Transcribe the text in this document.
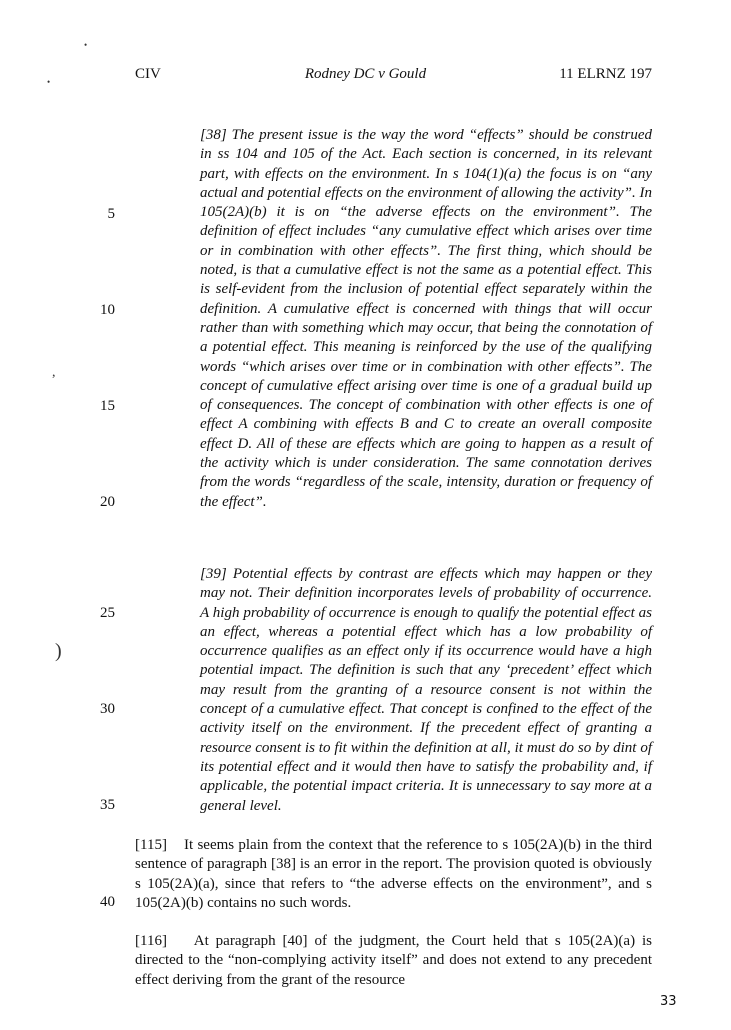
CIV	Rodney DC v Gould	11 ELRNZ 197
•
•
,
)
5
10
15
20
25
30
35
40

[38] The present issue is the way the word “effects” should be construed in ss 104 and 105 of the Act. Each section is concerned, in its relevant part, with effects on the environment. In s 104(1)(a) the focus is on “any actual and potential effects on the environment of allowing the activity”. In 105(2A)(b) it is on “the adverse effects on the environment”. The definition of effect includes “any cumulative effect which arises over time or in combination with other effects”. The first thing, which should be noted, is that a cumulative effect is not the same as a potential effect. This is self-evident from the inclusion of potential effect separately within the definition. A cumulative effect is concerned with things that will occur rather than with something which may occur, that being the connotation of a potential effect. This meaning is reinforced by the use of the qualifying words “which arises over time or in combination with other effects”. The concept of cumulative effect arising over time is one of a gradual build up of consequences. The concept of combination with other effects is one of effect A combining with effects B and C to create an overall composite effect D. All of these are effects which are going to happen as a result of the activity which is under consideration. The same connotation derives from the words “regardless of the scale, intensity, duration or frequency of the effect”.

[39] Potential effects by contrast are effects which may happen or they may not. Their definition incorporates levels of probability of occurrence. A high probability of occurrence is enough to qualify the potential effect as an effect, whereas a potential effect which has a low probability of occurrence qualifies as an effect only if its occurrence would have a high potential impact. The definition is such that any ‘precedent’ effect which may result from the granting of a resource consent is not within the concept of a cumulative effect. That concept is confined to the effect of the activity itself on the environment. If the precedent effect of granting a resource consent is to fit within the definition at all, it must do so by dint of its potential effect and it would then have to satisfy the probability and, if applicable, the potential impact criteria. It is unnecessary to say more at a general level.

[115]    It seems plain from the context that the reference to s 105(2A)(b) in the third sentence of paragraph [38] is an error in the report. The provision quoted is obviously s 105(2A)(a), since that refers to “the adverse effects on the environment”, and s 105(2A)(b) contains no such words.

[116]    At paragraph [40] of the judgment, the Court held that s 105(2A)(a) is directed to the “non-complying activity itself” and does not extend to any precedent effect deriving from the grant of the resource

33
